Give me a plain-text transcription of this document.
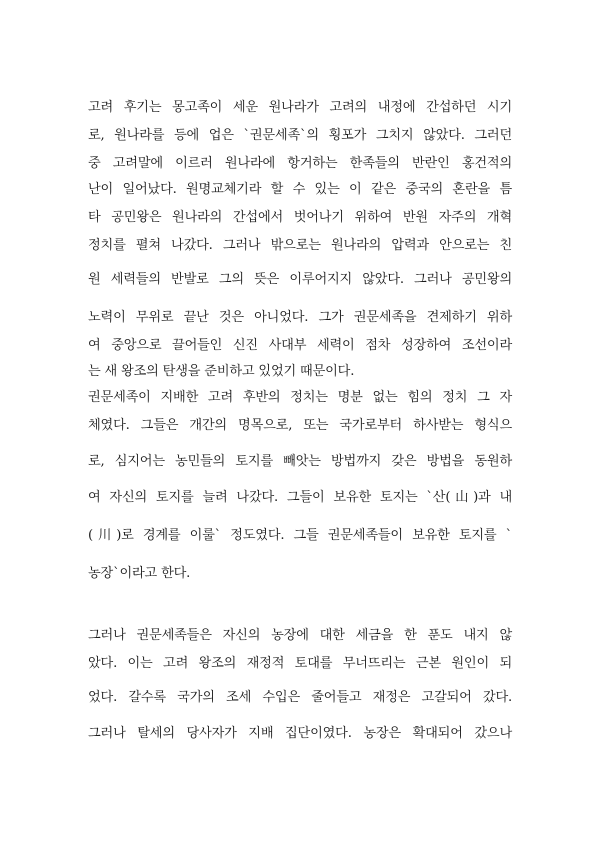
고려 후기는 몽고족이 세운 원나라가 고려의 내정에 간섭하던 시기
로, 원나라를 등에 업은 `권문세족`의 횡포가 그치지 않았다. 그러던
중 고려말에 이르러 원나라에 항거하는 한족들의 반란인 홍건적의
난이 일어났다. 원명교체기라 할 수 있는 이 같은 중국의 혼란을 틈
타 공민왕은 원나라의 간섭에서 벗어나기 위하여 반원 자주의 개혁
정치를 펼쳐 나갔다. 그러나 밖으로는 원나라의 압력과 안으로는 친
원 세력들의 반발로 그의 뜻은 이루어지지 않았다. 그러나 공민왕의
노력이 무위로 끝난 것은 아니었다. 그가 권문세족을 견제하기 위하
여 중앙으로 끌어들인 신진 사대부 세력이 점차 성장하여 조선이라
는 새 왕조의 탄생을 준비하고 있었기 때문이다.
권문세족이 지배한 고려 후반의 정치는 명분 없는 힘의 정치 그 자
체였다. 그들은 개간의 명목으로, 또는 국가로부터 하사받는 형식으
로, 심지어는 농민들의 토지를 빼앗는 방법까지 갖은 방법을 동원하
여 자신의 토지를 늘려 나갔다. 그들이 보유한 토지는 `산(山)과 내
(川)로 경계를 이룰` 정도였다. 그들 권문세족들이 보유한 토지를 `
농장`이라고 한다.
그러나 권문세족들은 자신의 농장에 대한 세금을 한 푼도 내지 않
았다. 이는 고려 왕조의 재정적 토대를 무너뜨리는 근본 원인이 되
었다. 갈수록 국가의 조세 수입은 줄어들고 재정은 고갈되어 갔다.
그러나 탈세의 당사자가 지배 집단이였다. 농장은 확대되어 갔으나
